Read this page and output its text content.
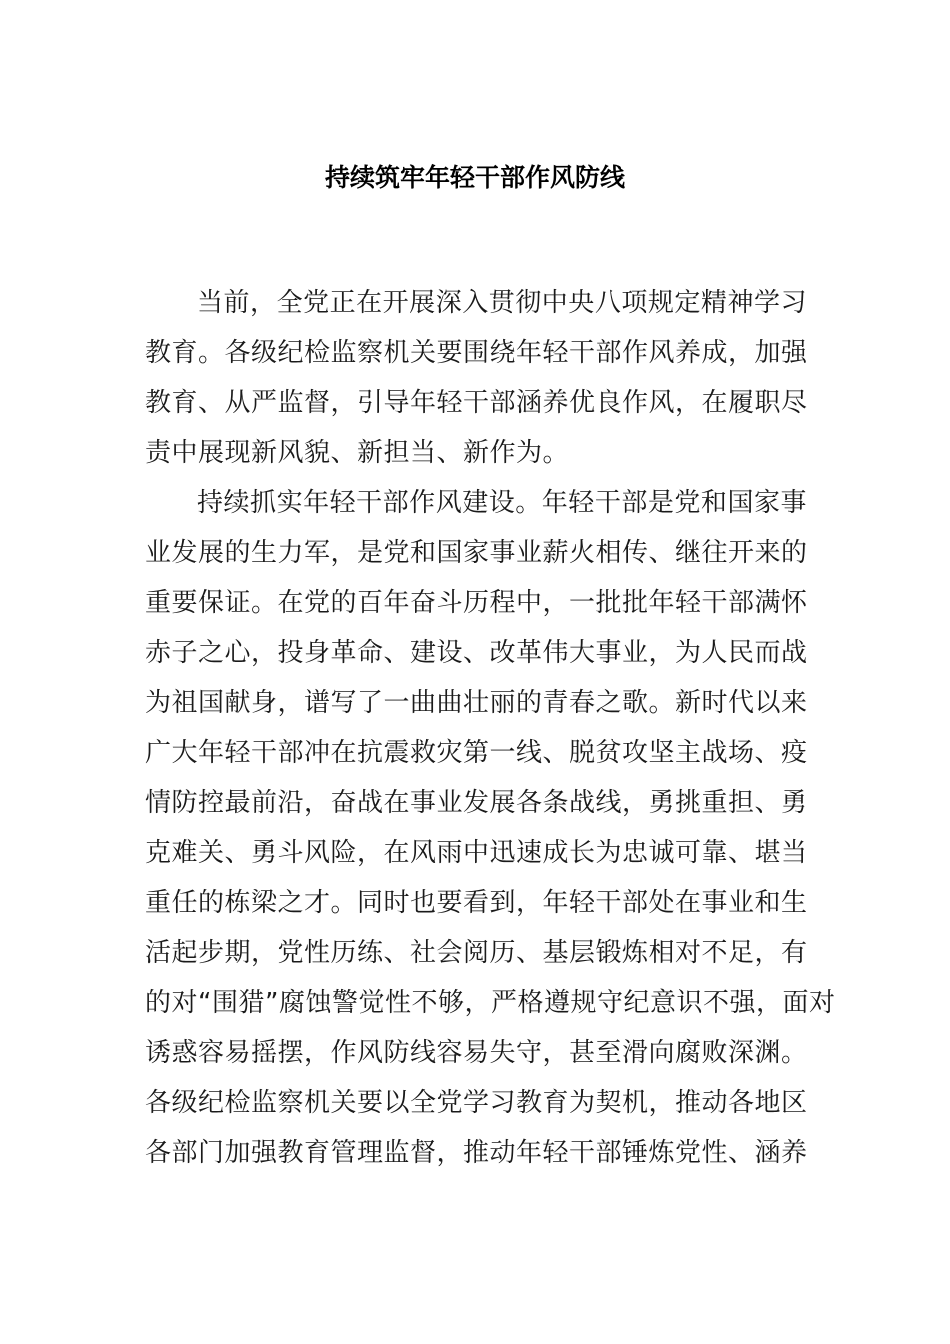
持续筑牢年轻干部作风防线
当前，全党正在开展深入贯彻中央八项规定精神学习
教育。各级纪检监察机关要围绕年轻干部作风养成，加强
教育、从严监督，引导年轻干部涵养优良作风，在履职尽
责中展现新风貌、新担当、新作为。
持续抓实年轻干部作风建设。年轻干部是党和国家事
业发展的生力军，是党和国家事业薪火相传、继往开来的
重要保证。在党的百年奋斗历程中，一批批年轻干部满怀
赤子之心，投身革命、建设、改革伟大事业，为人民而战
为祖国献身，谱写了一曲曲壮丽的青春之歌。新时代以来
广大年轻干部冲在抗震救灾第一线、脱贫攻坚主战场、疫
情防控最前沿，奋战在事业发展各条战线，勇挑重担、勇
克难关、勇斗风险，在风雨中迅速成长为忠诚可靠、堪当
重任的栋梁之才。同时也要看到，年轻干部处在事业和生
活起步期，党性历练、社会阅历、基层锻炼相对不足，有
的对“围猎”腐蚀警觉性不够，严格遵规守纪意识不强，面对
诱惑容易摇摆，作风防线容易失守，甚至滑向腐败深渊。
各级纪检监察机关要以全党学习教育为契机，推动各地区
各部门加强教育管理监督，推动年轻干部锤炼党性、涵养
